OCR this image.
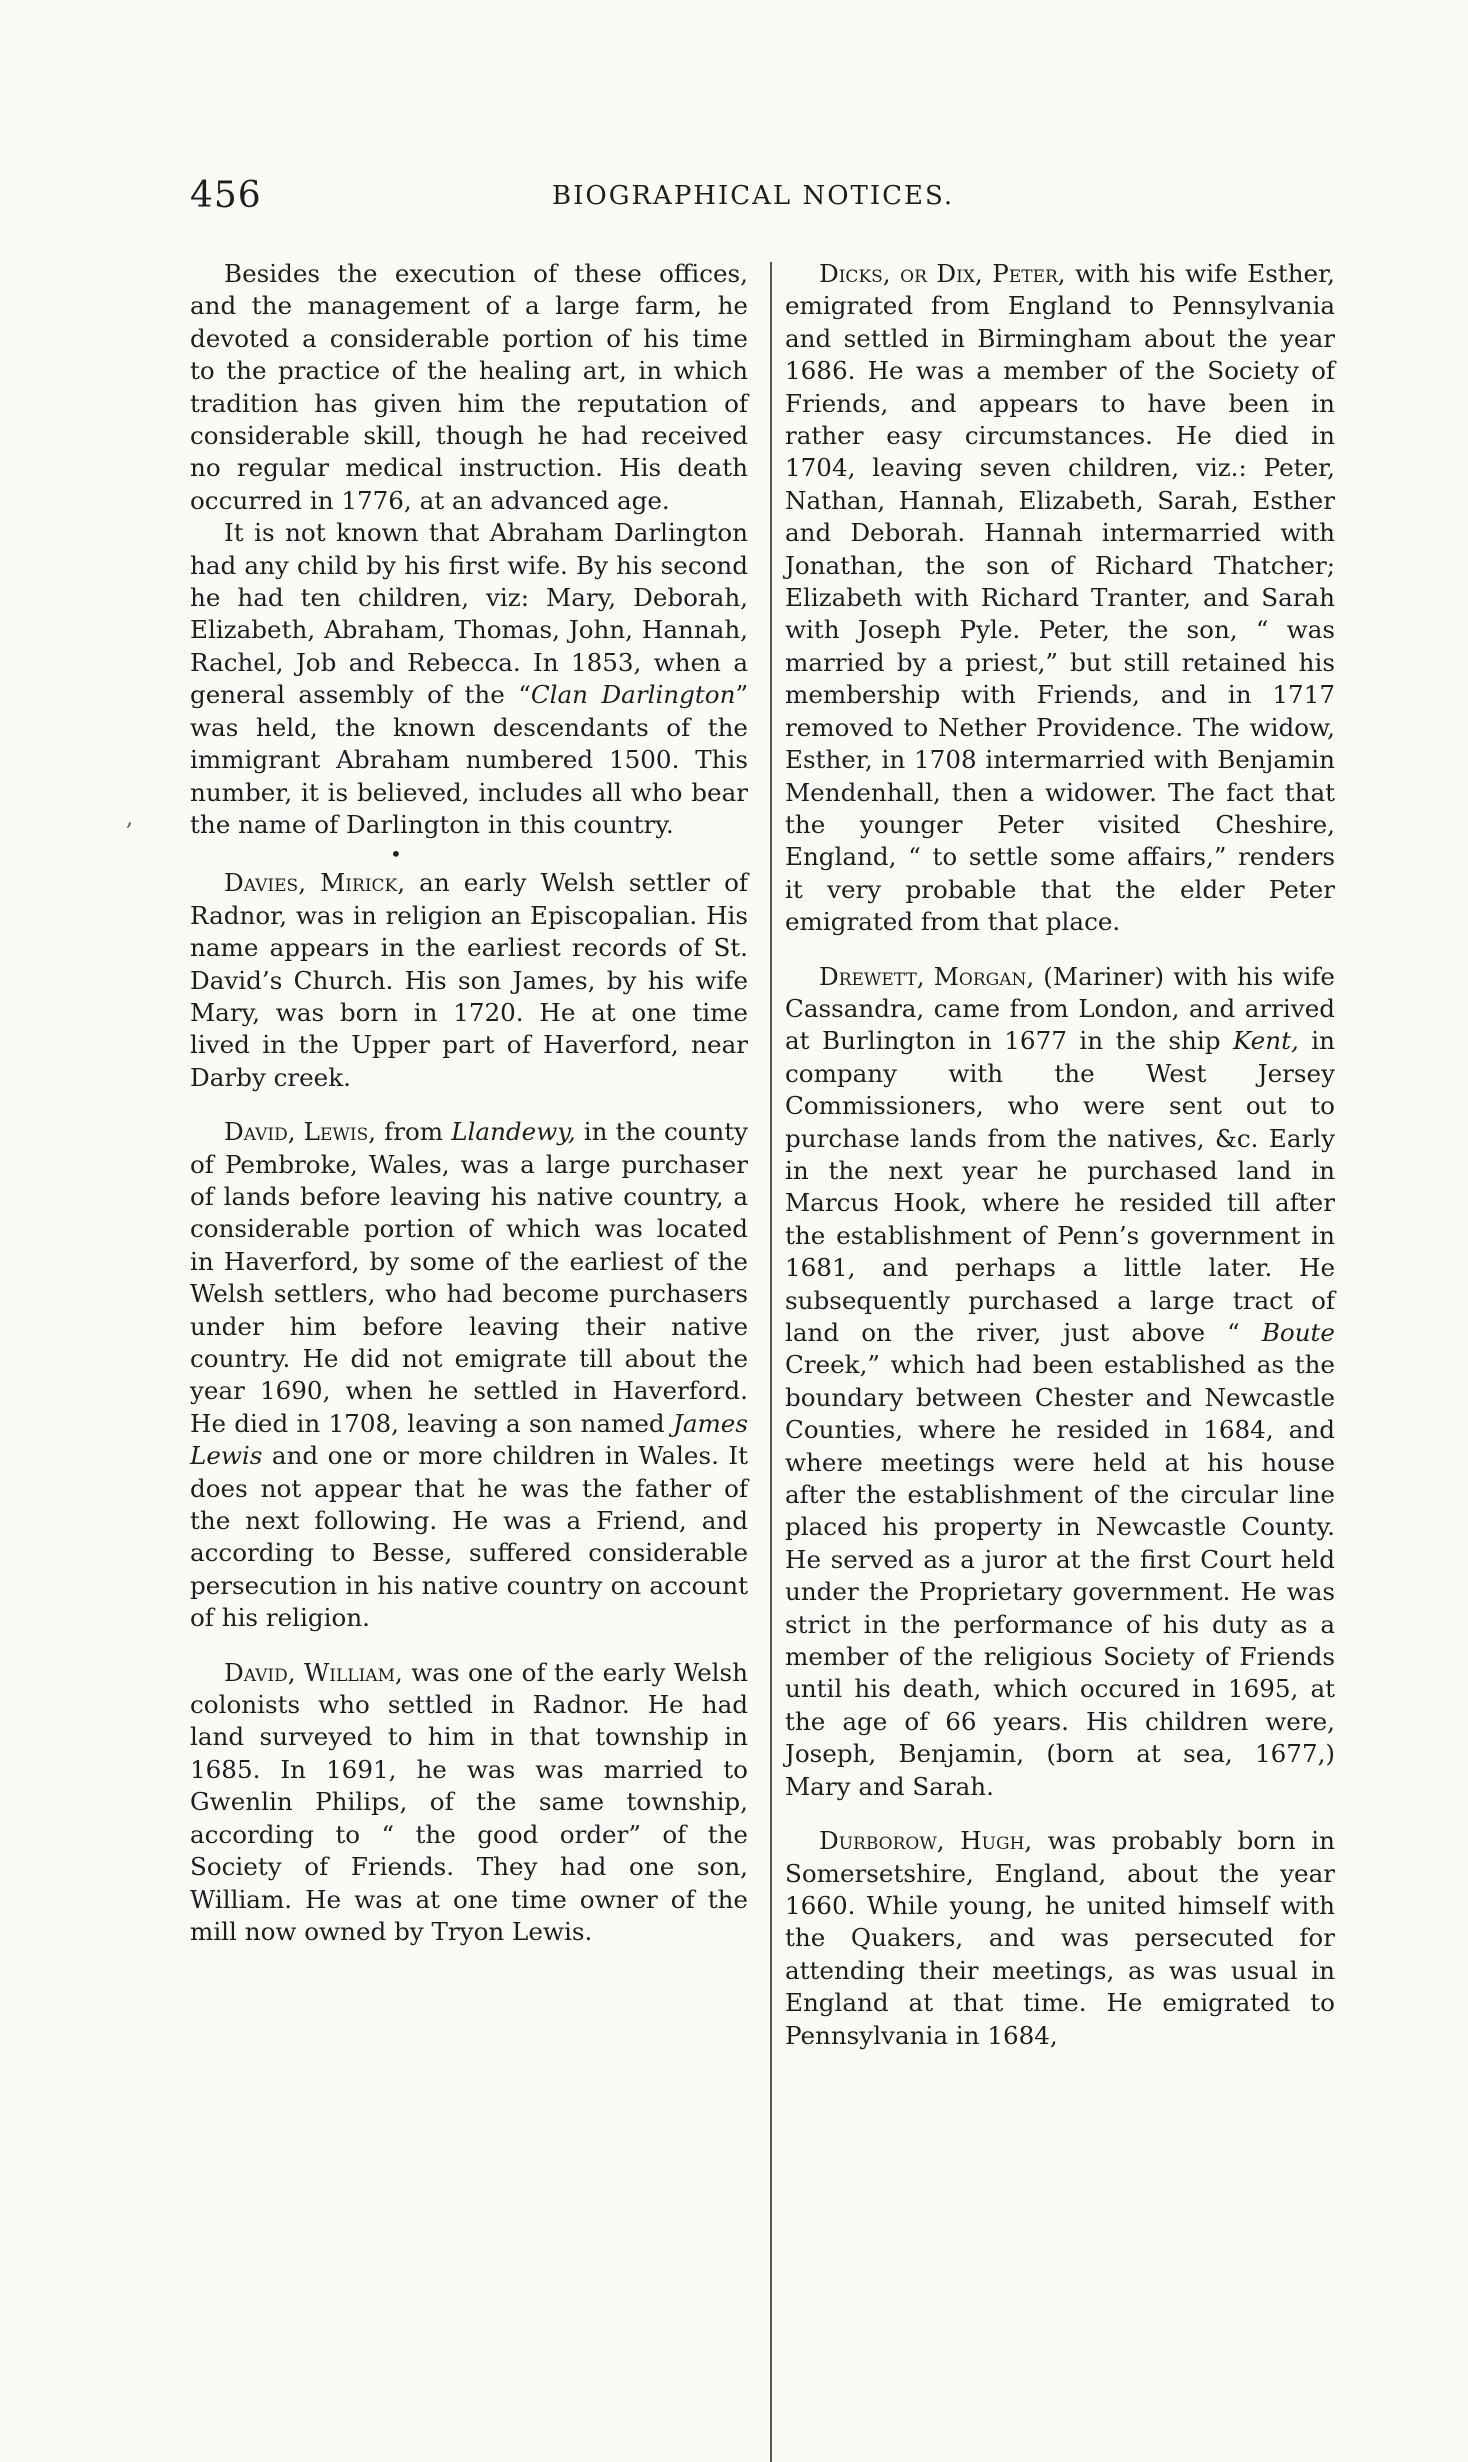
456	BIOGRAPHICAL NOTICES.
,

Besides the execution of these offices, and the management of a large farm, he devoted a considerable portion of his time to the practice of the healing art, in which tradition has given him the reputation of considerable skill, though he had received no regular medical instruction. His death occurred in 1776, at an advanced age.

It is not known that Abraham Darlington had any child by his first wife. By his second he had ten children, viz: Mary, Deborah, Elizabeth, Abraham, Thomas, John, Hannah, Rachel, Job and Rebecca. In 1853, when a general assembly of the “Clan Darlington” was held, the known descendants of the immigrant Abraham numbered 1500. This number, it is believed, includes all who bear the name of Darlington in this country.

•

Davies, Mirick, an early Welsh settler of Radnor, was in religion an Episcopalian. His name appears in the earliest records of St. David’s Church. His son James, by his wife Mary, was born in 1720. He at one time lived in the Upper part of Haverford, near Darby creek.

David, Lewis, from Llandewy, in the county of Pembroke, Wales, was a large purchaser of lands before leaving his native country, a considerable portion of which was located in Haverford, by some of the earliest of the Welsh settlers, who had become purchasers under him before leaving their native country. He did not emigrate till about the year 1690, when he settled in Haverford. He died in 1708, leaving a son named James Lewis and one or more children in Wales. It does not appear that he was the father of the next following. He was a Friend, and according to Besse, suffered considerable persecution in his native country on account of his religion.

David, William, was one of the early Welsh colonists who settled in Radnor. He had land surveyed to him in that township in 1685. In 1691, he was was married to Gwenlin Philips, of the same township, according to “ the good order” of the Society of Friends. They had one son, William. He was at one time owner of the mill now owned by Tryon Lewis.

Dicks, or Dix, Peter, with his wife Esther, emigrated from England to Pennsylvania and settled in Birmingham about the year 1686. He was a member of the Society of Friends, and appears to have been in rather easy circumstances. He died in 1704, leaving seven children, viz.: Peter, Nathan, Hannah, Elizabeth, Sarah, Esther and Deborah. Hannah intermarried with Jonathan, the son of Richard Thatcher; Elizabeth with Richard Tranter, and Sarah with Joseph Pyle. Peter, the son, “ was married by a priest,” but still retained his membership with Friends, and in 1717 removed to Nether Providence. The widow, Esther, in 1708 intermarried with Benjamin Mendenhall, then a widower. The fact that the younger Peter visited Cheshire, England, “ to settle some affairs,” renders it very probable that the elder Peter emigrated from that place.

Drewett, Morgan, (Mariner) with his wife Cassandra, came from London, and arrived at Burlington in 1677 in the ship Kent, in company with the West Jersey Commissioners, who were sent out to purchase lands from the natives, &c. Early in the next year he purchased land in Marcus Hook, where he resided till after the establishment of Penn’s government in 1681, and perhaps a little later. He subsequently purchased a large tract of land on the river, just above “ Boute Creek,” which had been established as the boundary between Chester and Newcastle Counties, where he resided in 1684, and where meetings were held at his house after the establishment of the circular line placed his property in Newcastle County. He served as a juror at the first Court held under the Proprietary government. He was strict in the performance of his duty as a member of the religious Society of Friends until his death, which occured in 1695, at the age of 66 years. His children were, Joseph, Benjamin, (born at sea, 1677,) Mary and Sarah.

Durborow, Hugh, was probably born in Somersetshire, England, about the year 1660. While young, he united himself with the Quakers, and was persecuted for attending their meetings, as was usual in England at that time. He emigrated to Pennsylvania in 1684,
